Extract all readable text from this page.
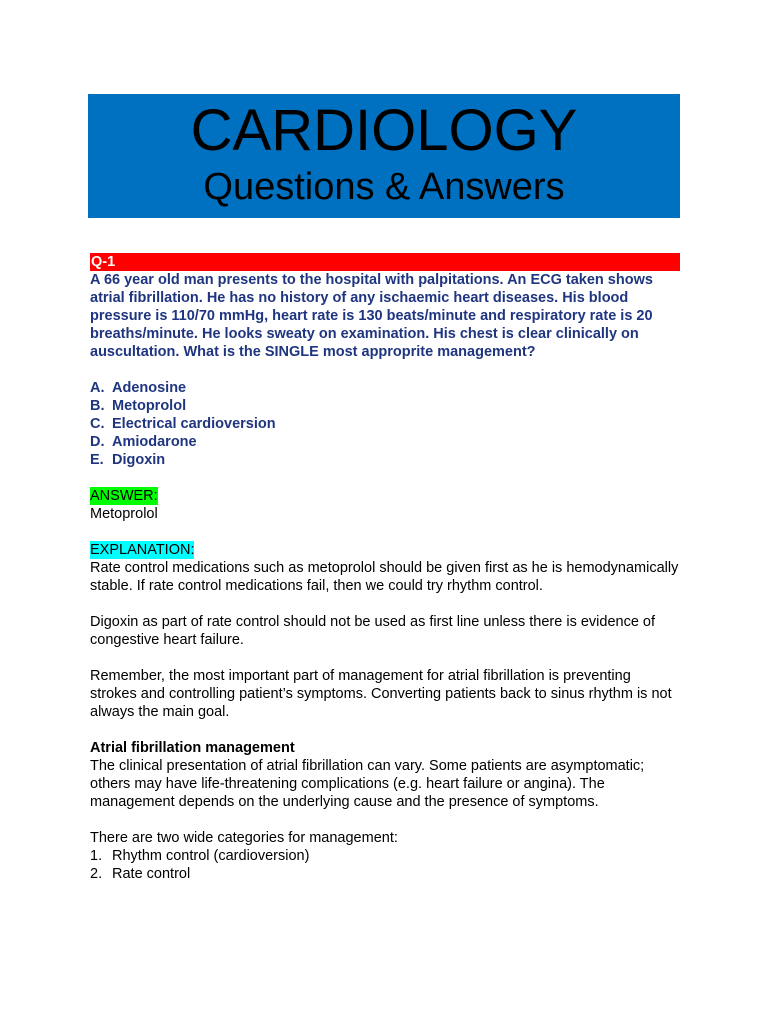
CARDIOLOGY
Questions & Answers
Q-1
A 66 year old man presents to the hospital with palpitations. An ECG taken shows atrial fibrillation. He has no history of any ischaemic heart diseases. His blood pressure is 110/70 mmHg, heart rate is 130 beats/minute and respiratory rate is 20 breaths/minute. He looks sweaty on examination. His chest is clear clinically on auscultation. What is the SINGLE most approprite management?
A. Adenosine
B. Metoprolol
C. Electrical cardioversion
D. Amiodarone
E. Digoxin
ANSWER:
Metoprolol
EXPLANATION:
Rate control medications such as metoprolol should be given first as he is hemodynamically stable. If rate control medications fail, then we could try rhythm control.
Digoxin as part of rate control should not be used as first line unless there is evidence of congestive heart failure.
Remember, the most important part of management for atrial fibrillation is preventing strokes and controlling patient’s symptoms. Converting patients back to sinus rhythm is not always the main goal.
Atrial fibrillation management
The clinical presentation of atrial fibrillation can vary. Some patients are asymptomatic; others may have life-threatening complications (e.g. heart failure or angina). The management depends on the underlying cause and the presence of symptoms.
There are two wide categories for management:
1. Rhythm control (cardioversion)
2. Rate control
